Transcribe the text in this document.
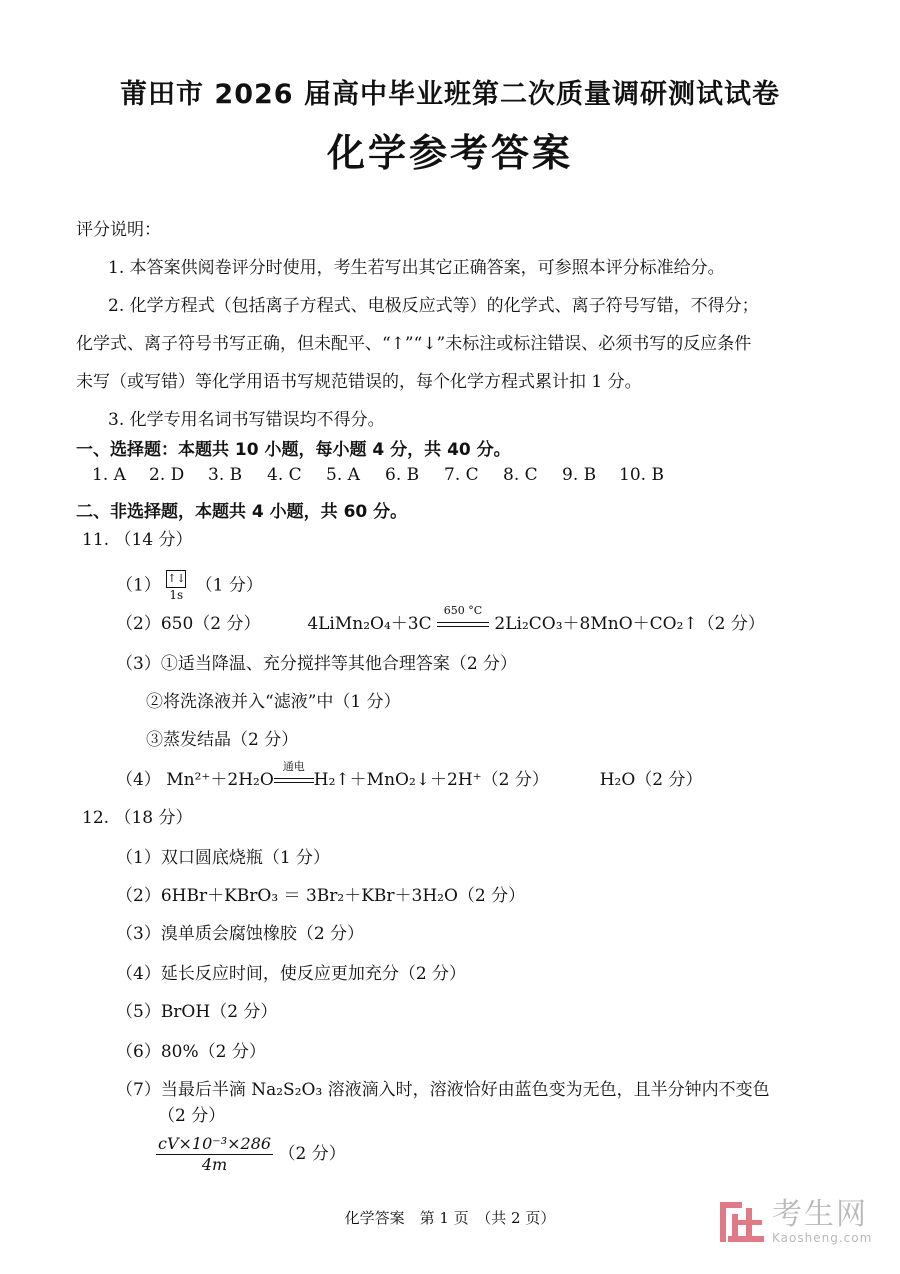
莆田市 2026 届高中毕业班第二次质量调研测试试卷
化学参考答案
评分说明：
1. 本答案供阅卷评分时使用，考生若写出其它正确答案，可参照本评分标准给分。
2. 化学方程式（包括离子方程式、电极反应式等）的化学式、离子符号写错，不得分；
化学式、离子符号书写正确，但未配平、“↑”“↓”未标注或标注错误、必须书写的反应条件
未写（或写错）等化学用语书写规范错误的，每个化学方程式累计扣 1 分。
3. 化学专用名词书写错误均不得分。
一、选择题：本题共 10 小题，每小题 4 分，共 40 分。
1. A 2. D 3. B 4. C 5. A 6. B 7. C 8. C 9. B 10. B
二、非选择题，本题共 4 小题，共 60 分。
11. （14 分）
（1） ↑↓
1s （1 分）
（2）650（2 分）	4LiMn₂O₄＋3C
650 °C
2Li₂CO₃＋8MnO＋CO₂↑（2 分）
（3）①适当降温、充分搅拌等其他合理答案（2 分）
②将洗涤液并入“滤液”中（1 分）
③蒸发结晶（2 分）
（4） Mn²⁺＋2H₂O
通电
H₂↑＋MnO₂↓＋2H⁺（2 分）	H₂O（2 分）
12. （18 分）
（1）双口圆底烧瓶（1 分）
（2）6HBr＋KBrO₃ ＝ 3Br₂＋KBr＋3H₂O（2 分）
（3）溴单质会腐蚀橡胶（2 分）
（4）延长反应时间，使反应更加充分（2 分）
（5）BrOH（2 分）
（6）80%（2 分）
（7）当最后半滴 Na₂S₂O₃ 溶液滴入时，溶液恰好由蓝色变为无色，且半分钟内不变色
（2 分）
$\frac{\text{cV×10⁻³×286}}{4m} (2$ 分）
化学答案　第 1 页　（共 2 页）	考生网
Kaosheng.com
